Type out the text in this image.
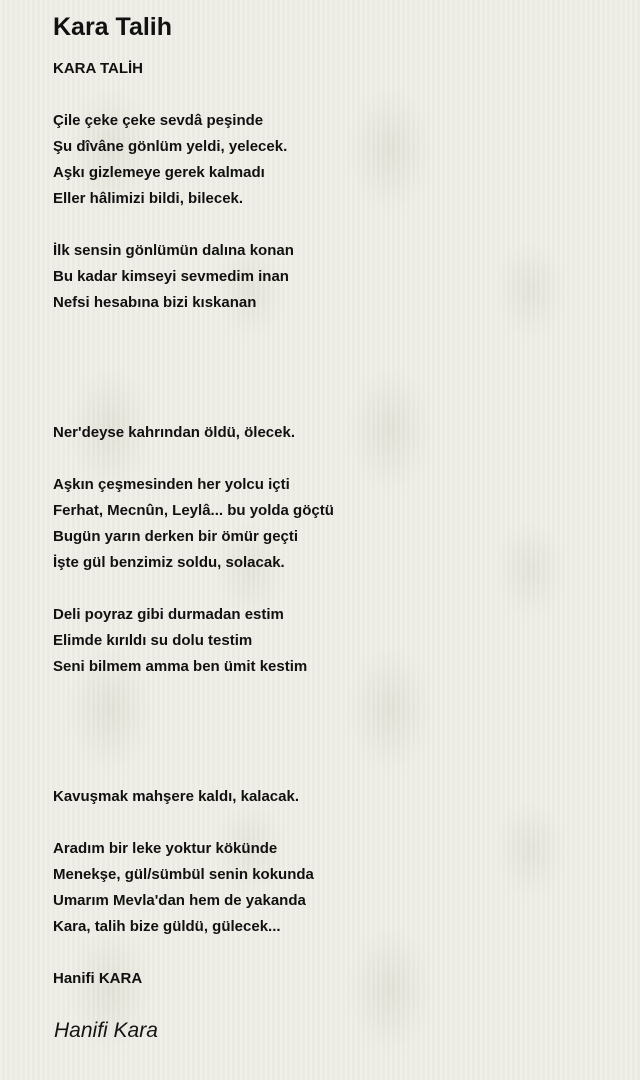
Kara Talih
KARA TALİH
Çile çeke çeke sevdâ peşinde
Şu dîvâne gönlüm yeldi, yelecek.
Aşkı gizlemeye gerek kalmadı
Eller hâlimizi bildi, bilecek.
İlk sensin gönlümün dalına konan
Bu kadar kimseyi sevmedim inan
Nefsi hesabına bizi kıskanan
Ner'deyse kahrından öldü, ölecek.
Aşkın çeşmesinden her yolcu içti
Ferhat, Mecnûn, Leylâ... bu yolda göçtü
Bugün yarın derken bir ömür geçti
İşte gül benzimiz soldu, solacak.
Deli poyraz gibi durmadan estim
Elimde kırıldı su dolu testim
Seni bilmem amma ben ümit kestim
Kavuşmak mahşere kaldı, kalacak.
Aradım bir leke yoktur kökünde
Menekşe, gül/sümbül senin kokunda
Umarım Mevla'dan hem de yakanda
Kara, talih bize güldü, gülecek...
Hanifi KARA
Hanifi Kara
